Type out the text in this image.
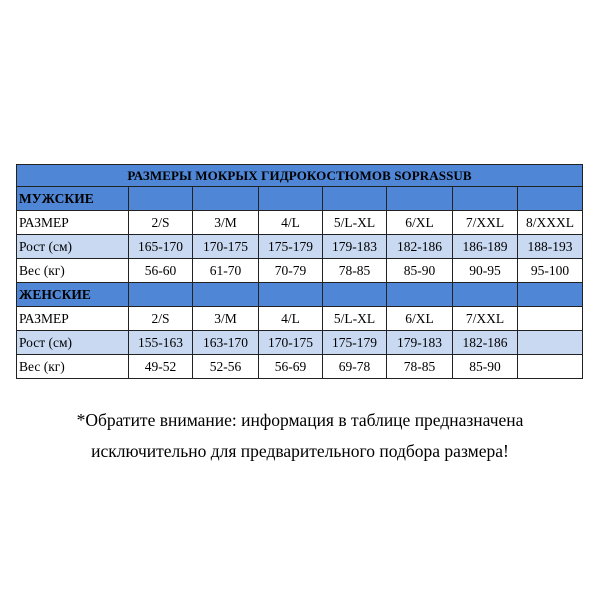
РАЗМЕРЫ МОКРЫХ ГИДРОКОСТЮМОВ SOPRASSUB							
МУЖСКИЕ							
РАЗМЕР	2/S	3/M	4/L	5/L-XL	6/XL	7/XXL	8/XXXL
Рост (см)	165-170	170-175	175-179	179-183	182-186	186-189	188-193
Вес (кг)	56-60	61-70	70-79	78-85	85-90	90-95	95-100
ЖЕНСКИЕ							
РАЗМЕР	2/S	3/M	4/L	5/L-XL	6/XL	7/XXL	
Рост (см)	155-163	163-170	170-175	175-179	179-183	182-186	
Вес (кг)	49-52	52-56	56-69	69-78	78-85	85-90	
*Обратите внимание: информация в таблице предназначена
исключительно для предварительного подбора размера!
